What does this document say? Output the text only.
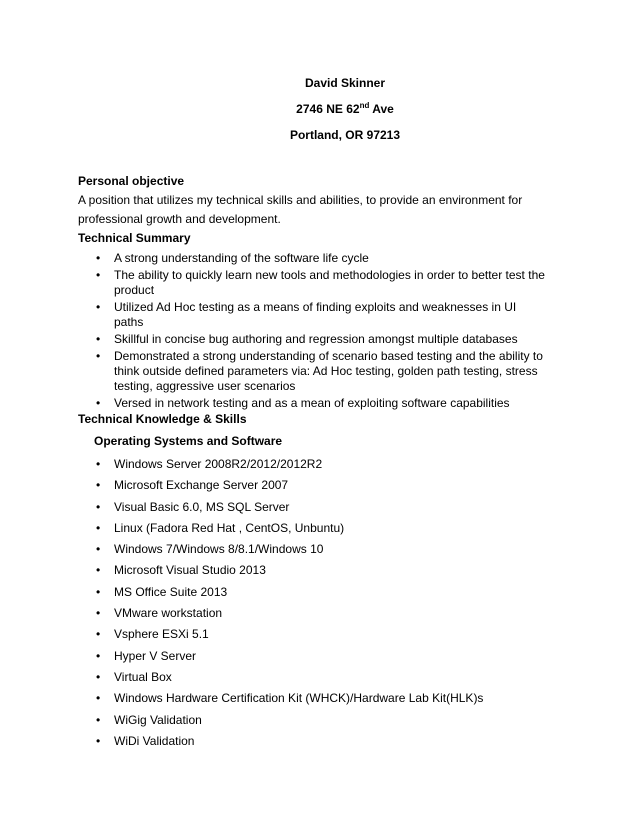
David Skinner
2746 NE 62nd Ave
Portland, OR 97213
Personal objective
A position that utilizes my technical skills and abilities, to provide an environment for professional growth and development.
Technical Summary
• A strong understanding of the software life cycle
• The ability to quickly learn new tools and methodologies in order to better test the product
• Utilized Ad Hoc testing as a means of finding exploits and weaknesses in UI paths
• Skillful in concise bug authoring and regression amongst multiple databases
• Demonstrated a strong understanding of scenario based testing and the ability to think outside defined parameters via: Ad Hoc testing, golden path testing, stress testing, aggressive user scenarios
• Versed in network testing and as a mean of exploiting software capabilities
Technical Knowledge & Skills
Operating Systems and Software
• Windows Server 2008R2/2012/2012R2
• Microsoft Exchange Server 2007
• Visual Basic 6.0, MS SQL Server
• Linux (Fadora Red Hat , CentOS, Unbuntu)
• Windows 7/Windows 8/8.1/Windows 10
• Microsoft Visual Studio 2013
• MS Office Suite 2013
• VMware workstation
• Vsphere ESXi 5.1
• Hyper V Server
• Virtual Box
• Windows Hardware Certification Kit (WHCK)/Hardware Lab Kit(HLK)s
• WiGig Validation
• WiDi Validation
